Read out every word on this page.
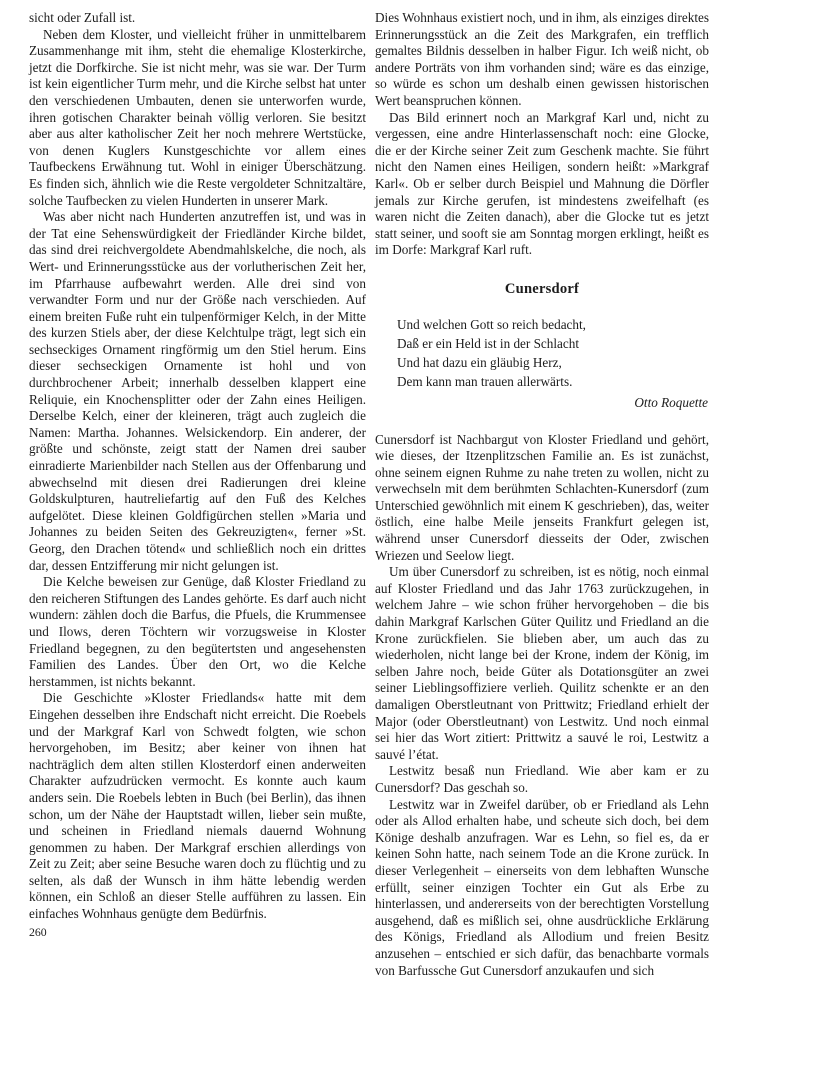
sicht oder Zufall ist.

Neben dem Kloster, und vielleicht früher in unmittelbarem Zusammenhange mit ihm, steht die ehemalige Klosterkirche, jetzt die Dorfkirche. Sie ist nicht mehr, was sie war. Der Turm ist kein eigentlicher Turm mehr, und die Kirche selbst hat unter den verschiedenen Umbauten, denen sie unterworfen wurde, ihren gotischen Charakter beinah völlig verloren. Sie besitzt aber aus alter katholischer Zeit her noch mehrere Wertstücke, von denen Kuglers Kunstgeschichte vor allem eines Taufbeckens Erwähnung tut. Wohl in einiger Überschätzung. Es finden sich, ähnlich wie die Reste vergoldeter Schnitzaltäre, solche Taufbecken zu vielen Hunderten in unserer Mark.

Was aber nicht nach Hunderten anzutreffen ist, und was in der Tat eine Sehenswürdigkeit der Friedländer Kirche bildet, das sind drei reichvergoldete Abendmahlskelche, die noch, als Wert- und Erinnerungsstücke aus der vorlutherischen Zeit her, im Pfarrhause aufbewahrt werden. Alle drei sind von verwandter Form und nur der Größe nach verschieden. Auf einem breiten Fuße ruht ein tulpenförmiger Kelch, in der Mitte des kurzen Stiels aber, der diese Kelchtulpe trägt, legt sich ein sechseckiges Ornament ringförmig um den Stiel herum. Eins dieser sechseckigen Ornamente ist hohl und von durchbrochener Arbeit; innerhalb desselben klappert eine Reliquie, ein Knochensplitter oder der Zahn eines Heiligen. Derselbe Kelch, einer der kleineren, trägt auch zugleich die Namen: Martha. Johannes. Welsickendorp. Ein anderer, der größte und schönste, zeigt statt der Namen drei sauber einradierte Marienbilder nach Stellen aus der Offenbarung und abwechselnd mit diesen drei Radierungen drei kleine Goldskulpturen, hautreliefartig auf den Fuß des Kelches aufgelötet. Diese kleinen Goldfigürchen stellen »Maria und Johannes zu beiden Seiten des Gekreuzigten«, ferner »St. Georg, den Drachen tötend« und schließlich noch ein drittes dar, dessen Entzifferung mir nicht gelungen ist.

Die Kelche beweisen zur Genüge, daß Kloster Friedland zu den reicheren Stiftungen des Landes gehörte. Es darf auch nicht wundern: zählen doch die Barfus, die Pfuels, die Krummensee und Ilows, deren Töchtern wir vorzugsweise in Kloster Friedland begegnen, zu den begütertsten und angesehensten Familien des Landes. Über den Ort, wo die Kelche herstammen, ist nichts bekannt.

Die Geschichte »Kloster Friedlands« hatte mit dem Eingehen desselben ihre Endschaft nicht erreicht. Die Roebels und der Markgraf Karl von Schwedt folgten, wie schon hervorgehoben, im Besitz; aber keiner von ihnen hat nachträglich dem alten stillen Klosterdorf einen anderweiten Charakter aufzudrücken vermocht. Es konnte auch kaum anders sein. Die Roebels lebten in Buch (bei Berlin), das ihnen schon, um der Nähe der Hauptstadt willen, lieber sein mußte, und scheinen in Friedland niemals dauernd Wohnung genommen zu haben. Der Markgraf erschien allerdings von Zeit zu Zeit; aber seine Besuche waren doch zu flüchtig und zu selten, als daß der Wunsch in ihm hätte lebendig werden können, ein Schloß an dieser Stelle aufführen zu lassen. Ein einfaches Wohnhaus genügte dem Bedürfnis.

260

Dies Wohnhaus existiert noch, und in ihm, als einziges direktes Erinnerungsstück an die Zeit des Markgrafen, ein trefflich gemaltes Bildnis desselben in halber Figur. Ich weiß nicht, ob andere Porträts von ihm vorhanden sind; wäre es das einzige, so würde es schon um deshalb einen gewissen historischen Wert beanspruchen können.

Das Bild erinnert noch an Markgraf Karl und, nicht zu vergessen, eine andre Hinterlassenschaft noch: eine Glocke, die er der Kirche seiner Zeit zum Geschenk machte. Sie führt nicht den Namen eines Heiligen, sondern heißt: »Markgraf Karl«. Ob er selber durch Beispiel und Mahnung die Dörfler jemals zur Kirche gerufen, ist mindestens zweifelhaft (es waren nicht die Zeiten danach), aber die Glocke tut es jetzt statt seiner, und sooft sie am Sonntag morgen erklingt, heißt es im Dorfe: Markgraf Karl ruft.

Cunersdorf
Und welchen Gott so reich bedacht,
Daß er ein Held ist in der Schlacht
Und hat dazu ein gläubig Herz,
Dem kann man trauen allerwärts.
Otto Roquette

Cunersdorf ist Nachbargut von Kloster Friedland und gehört, wie dieses, der Itzenplitzschen Familie an. Es ist zunächst, ohne seinem eignen Ruhme zu nahe treten zu wollen, nicht zu verwechseln mit dem berühmten Schlachten-Kunersdorf (zum Unterschied gewöhnlich mit einem K geschrieben), das, weiter östlich, eine halbe Meile jenseits Frankfurt gelegen ist, während unser Cunersdorf diesseits der Oder, zwischen Wriezen und Seelow liegt.

Um über Cunersdorf zu schreiben, ist es nötig, noch einmal auf Kloster Friedland und das Jahr 1763 zurückzugehen, in welchem Jahre – wie schon früher hervorgehoben – die bis dahin Markgraf Karlschen Güter Quilitz und Friedland an die Krone zurückfielen. Sie blieben aber, um auch das zu wiederholen, nicht lange bei der Krone, indem der König, im selben Jahre noch, beide Güter als Dotationsgüter an zwei seiner Lieblingsoffiziere verlieh. Quilitz schenkte er an den damaligen Oberstleutnant von Prittwitz; Friedland erhielt der Major (oder Oberstleutnant) von Lestwitz. Und noch einmal sei hier das Wort zitiert: Prittwitz a sauvé le roi, Lestwitz a sauvé l’état.

Lestwitz besaß nun Friedland. Wie aber kam er zu Cunersdorf? Das geschah so.

Lestwitz war in Zweifel darüber, ob er Friedland als Lehn oder als Allod erhalten habe, und scheute sich doch, bei dem Könige deshalb anzufragen. War es Lehn, so fiel es, da er keinen Sohn hatte, nach seinem Tode an die Krone zurück. In dieser Verlegenheit – einerseits von dem lebhaften Wunsche erfüllt, seiner einzigen Tochter ein Gut als Erbe zu hinterlassen, und andererseits von der berechtigten Vorstellung ausgehend, daß es mißlich sei, ohne ausdrückliche Erklärung des Königs, Friedland als Allodium und freien Besitz anzusehen – entschied er sich dafür, das benachbarte vormals von Barfussche Gut Cunersdorf anzukaufen und sich
